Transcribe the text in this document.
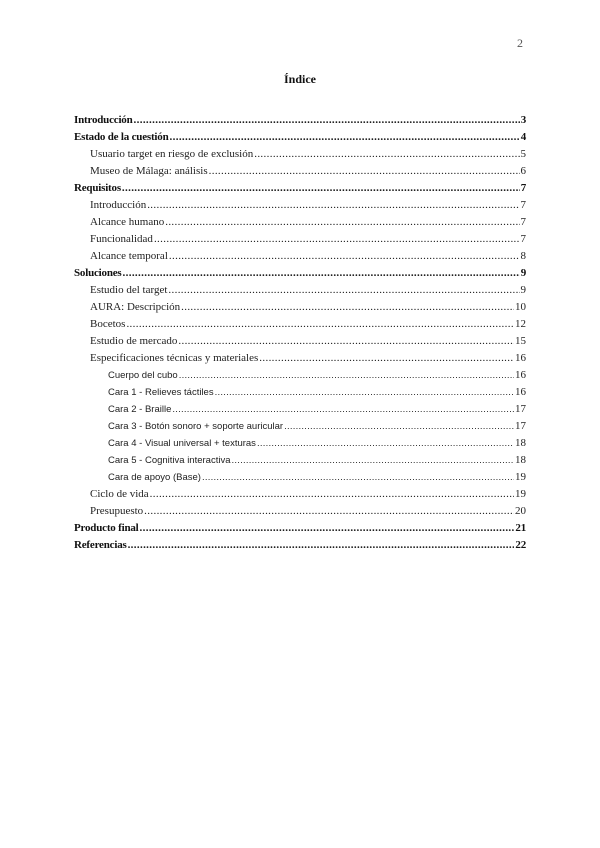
2
Índice
Introducción . . .	3
Estado de la cuestión . . .	4
Usuario target en riesgo de exclusión . . .	5
Museo de Málaga: análisis . . .	6
Requisitos . . .	7
Introducción . . .	7
Alcance humano . . .	7
Funcionalidad . . .	7
Alcance temporal . . .	8
Soluciones . . .	9
Estudio del target . . .	9
AURA: Descripción . . .	10
Bocetos . . .	12
Estudio de mercado . . .	15
Especificaciones técnicas y materiales . . .	16
Cuerpo del cubo . . .	16
Cara 1 - Relieves táctiles . . .	16
Cara 2 - Braille . . .	17
Cara 3 - Botón sonoro + soporte auricular . . .	17
Cara 4 - Visual universal + texturas . . .	18
Cara 5 - Cognitiva interactiva . . .	18
Cara de apoyo (Base) . . .	19
Ciclo de vida . . .	19
Presupuesto . . .	20
Producto final . . .	21
Referencias . . .	22
